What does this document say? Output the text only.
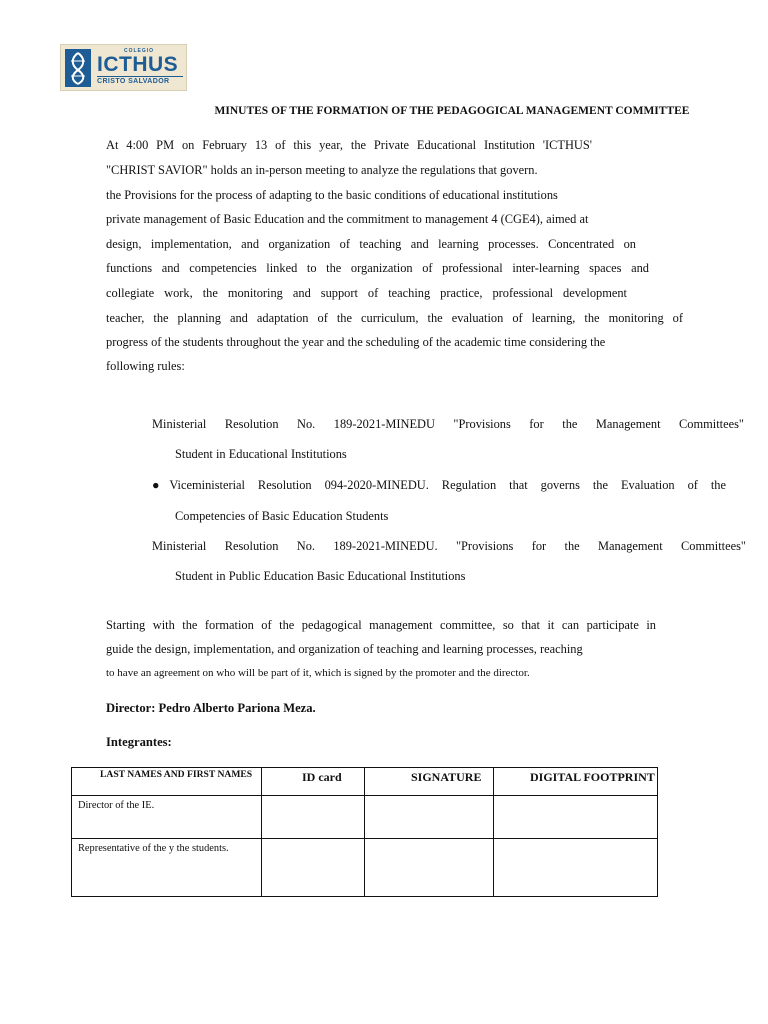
COLEGIO
ICTHUS
CRISTO SALVADOR
MINUTES OF THE FORMATION OF THE PEDAGOGICAL MANAGEMENT COMMITTEE
At 4:00 PM on February 13 of this year, the Private Educational Institution 'ICTHUS'
"CHRIST SAVIOR" holds an in-person meeting to analyze the regulations that govern.
the Provisions for the process of adapting to the basic conditions of educational institutions
private management of Basic Education and the commitment to management 4 (CGE4), aimed at
design, implementation, and organization of teaching and learning processes. Concentrated on
functions and competencies linked to the organization of professional inter-learning spaces and
collegiate work, the monitoring and support of teaching practice, professional development
teacher, the planning and adaptation of the curriculum, the evaluation of learning, the monitoring of
progress of the students throughout the year and the scheduling of the academic time considering the
following rules:
Ministerial Resolution No. 189-2021-MINEDU "Provisions for the Management Committees"
Student in Educational Institutions
●Viceministerial Resolution 094-2020-MINEDU. Regulation that governs the Evaluation of the
Competencies of Basic Education Students
Ministerial Resolution No. 189-2021-MINEDU. "Provisions for the Management Committees"
Student in Public Education Basic Educational Institutions
Starting with the formation of the pedagogical management committee, so that it can participate in
guide the design, implementation, and organization of teaching and learning processes, reaching
to have an agreement on who will be part of it, which is signed by the promoter and the director.
Director: Pedro Alberto Pariona Meza.
Integrantes:
LAST NAMES AND FIRST NAMES	ID card	SIGNATURE	DIGITAL FOOTPRINT

Director of the IE.			

Representative of the y the students.			
